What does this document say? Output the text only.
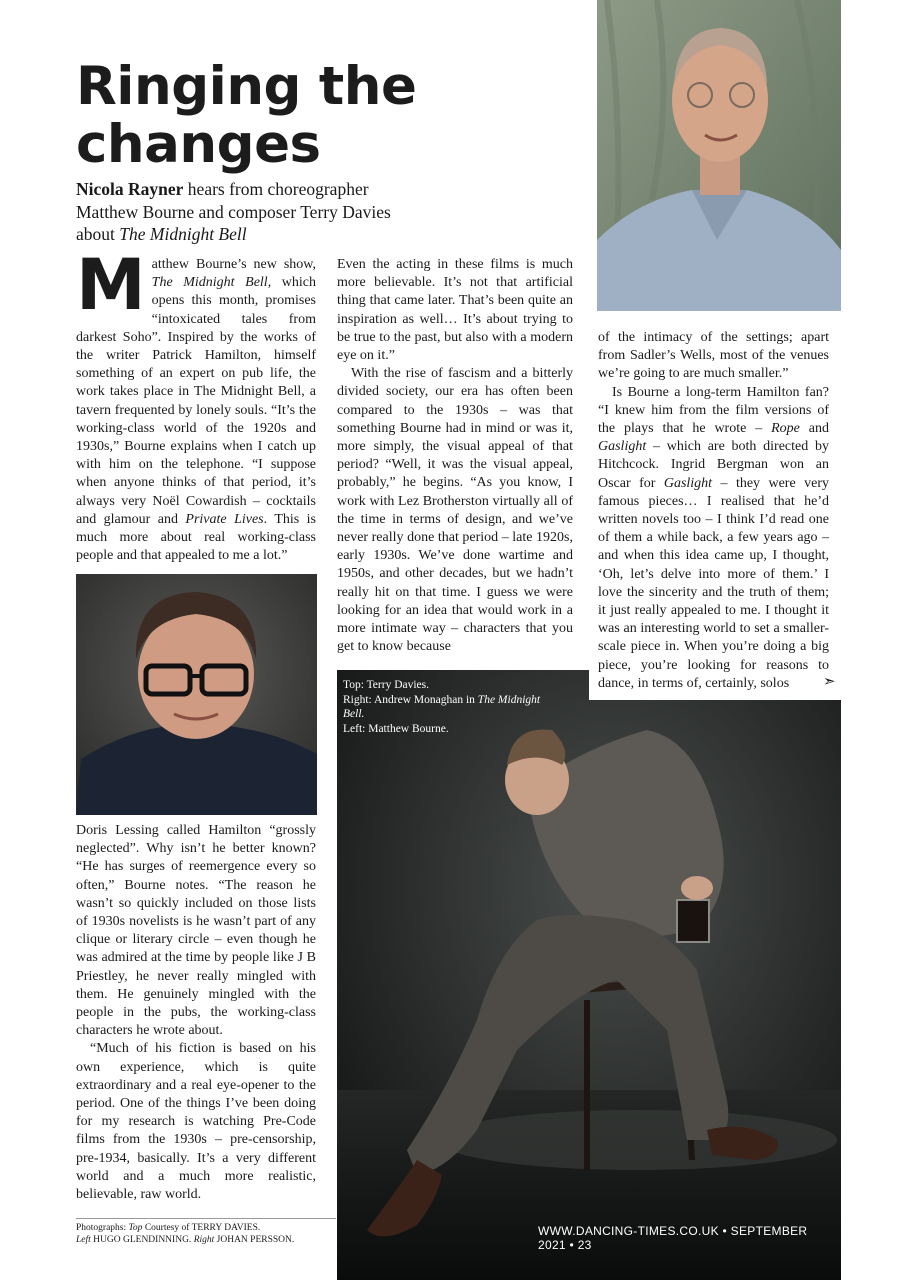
Ringing the changes

Nicola Rayner hears from choreographer Matthew Bourne and composer Terry Davies about The Midnight Bell

Matthew Bourne’s new show, The Midnight Bell, which opens this month, promises “intoxicated tales from darkest Soho”. Inspired by the works of the writer Patrick Hamilton, himself something of an expert on pub life, the work takes place in The Midnight Bell, a tavern frequented by lonely souls. “It’s the working-class world of the 1920s and 1930s,” Bourne explains when I catch up with him on the telephone. “I suppose when anyone thinks of that period, it’s always very Noël Cowardish – cocktails and glamour and Private Lives. This is much more about real working-class people and that appealed to me a lot.”

Doris Lessing called Hamilton “grossly neglected”. Why isn’t he better known? “He has surges of reemergence every so often,” Bourne notes. “The reason he wasn’t so quickly included on those lists of 1930s novelists is he wasn’t part of any clique or literary circle – even though he was admired at the time by people like J B Priestley, he never really mingled with them. He genuinely mingled with the people in the pubs, the working-class characters he wrote about.

“Much of his fiction is based on his own experience, which is quite extraordinary and a real eye-opener to the period. One of the things I’ve been doing for my research is watching Pre-Code films from the 1930s – pre-censorship, pre-1934, basically. It’s a very different world and a much more realistic, believable, raw world.

Even the acting in these films is much more believable. It’s not that artificial thing that came later. That’s been quite an inspiration as well… It’s about trying to be true to the past, but also with a modern eye on it.”

With the rise of fascism and a bitterly divided society, our era has often been compared to the 1930s – was that something Bourne had in mind or was it, more simply, the visual appeal of that period? “Well, it was the visual appeal, probably,” he begins. “As you know, I work with Lez Brotherston virtually all of the time in terms of design, and we’ve never really done that period – late 1920s, early 1930s. We’ve done wartime and 1950s, and other decades, but we hadn’t really hit on that time. I guess we were looking for an idea that would work in a more intimate way – characters that you get to know because

of the intimacy of the settings; apart from Sadler’s Wells, most of the venues we’re going to are much smaller.”

Is Bourne a long-term Hamilton fan? “I knew him from the film versions of the plays that he wrote – Rope and Gaslight – which are both directed by Hitchcock. Ingrid Bergman won an Oscar for Gaslight – they were very famous pieces… I realised that he’d written novels too – I think I’d read one of them a while back, a few years ago – and when this idea came up, I thought, ‘Oh, let’s delve into more of them.’ I love the sincerity and the truth of them; it just really appealed to me. I thought it was an interesting world to set a smaller-scale piece in. When you’re doing a big piece, you’re looking for reasons to dance, in terms of, certainly, solos	➣
Top: Terry Davies.
Right: Andrew Monaghan in The Midnight Bell.
Left: Matthew Bourne.
Photographs: Top Courtesy of TERRY DAVIES.
Left HUGO GLENDINNING. Right JOHAN PERSSON.
WWW.DANCING-TIMES.CO.UK • SEPTEMBER 2021 • 23
